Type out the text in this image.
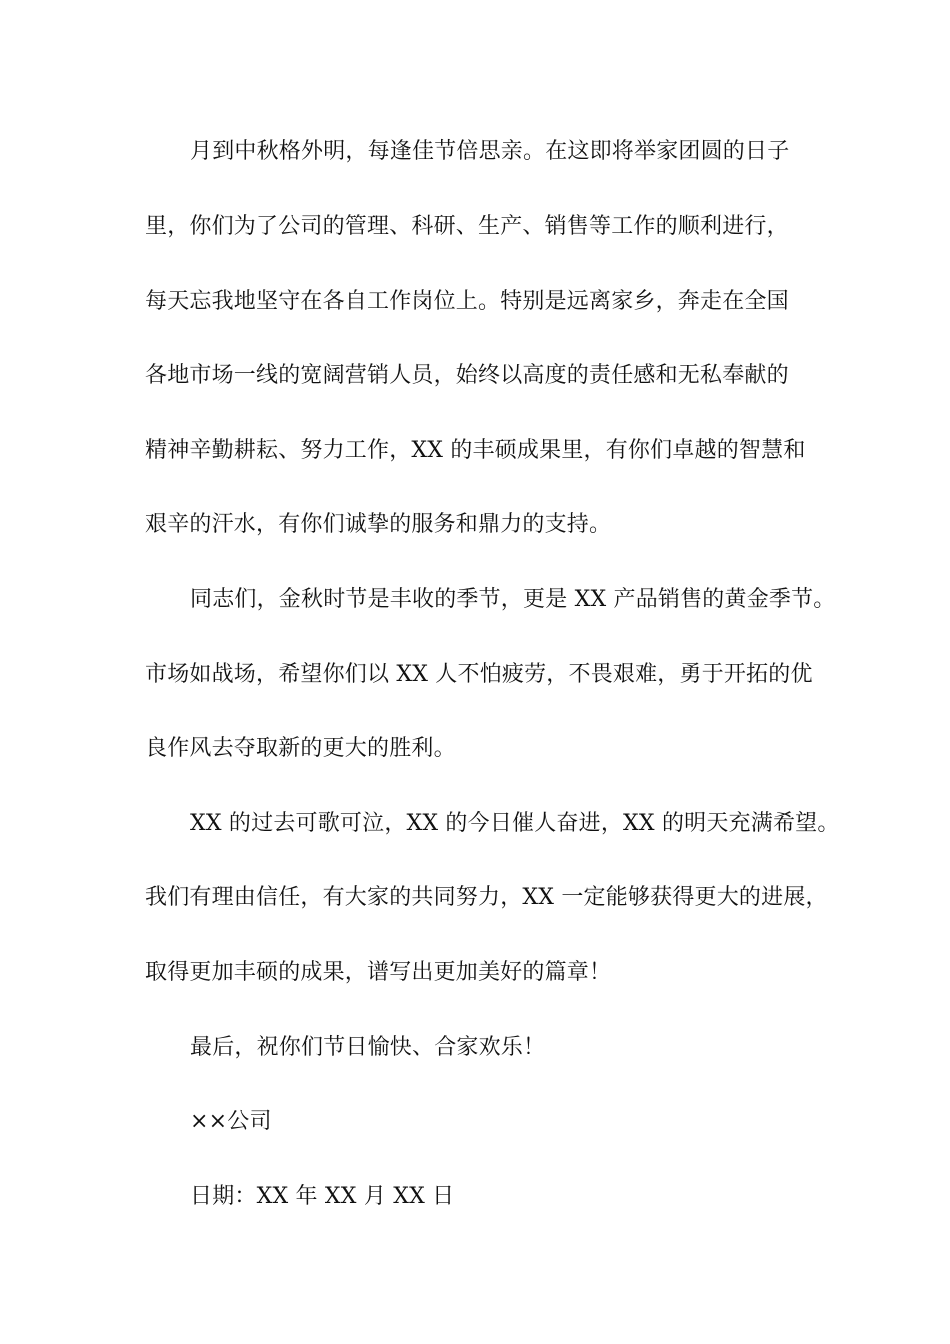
月到中秋格外明，每逢佳节倍思亲。在这即将举家团圆的日子
里，你们为了公司的管理、科研、生产、销售等工作的顺利进行，
每天忘我地坚守在各自工作岗位上。特别是远离家乡，奔走在全国
各地市场一线的宽阔营销人员，始终以高度的责任感和无私奉献的
精神辛勤耕耘、努力工作，XX 的丰硕成果里，有你们卓越的智慧和
艰辛的汗水，有你们诚挚的服务和鼎力的支持。
同志们，金秋时节是丰收的季节，更是 XX 产品销售的黄金季节。
市场如战场，希望你们以 XX 人不怕疲劳，不畏艰难，勇于开拓的优
良作风去夺取新的更大的胜利。
XX 的过去可歌可泣，XX 的今日催人奋进，XX 的明天充满希望。
我们有理由信任，有大家的共同努力，XX 一定能够获得更大的进展，
取得更加丰硕的成果，谱写出更加美好的篇章！
最后，祝你们节日愉快、合家欢乐！
××公司
日期：XX 年 XX 月 XX 日
